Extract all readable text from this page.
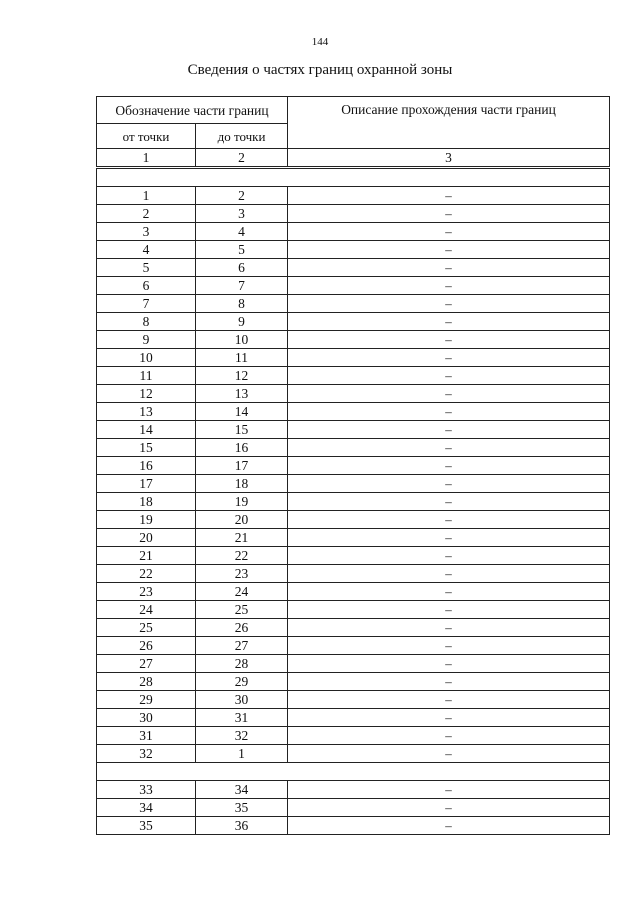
144
Сведения о частях границ охранной зоны
Обозначение части границ		Описание прохождения части границ
от точки	до точки	
1	2	3

1	2	–
2	3	–
3	4	–
4	5	–
5	6	–
6	7	–
7	8	–
8	9	–
9	10	–
10	11	–
11	12	–
12	13	–
13	14	–
14	15	–
15	16	–
16	17	–
17	18	–
18	19	–
19	20	–
20	21	–
21	22	–
22	23	–
23	24	–
24	25	–
25	26	–
26	27	–
27	28	–
28	29	–
29	30	–
30	31	–
31	32	–
32	1	–

33	34	–
34	35	–
35	36	–
